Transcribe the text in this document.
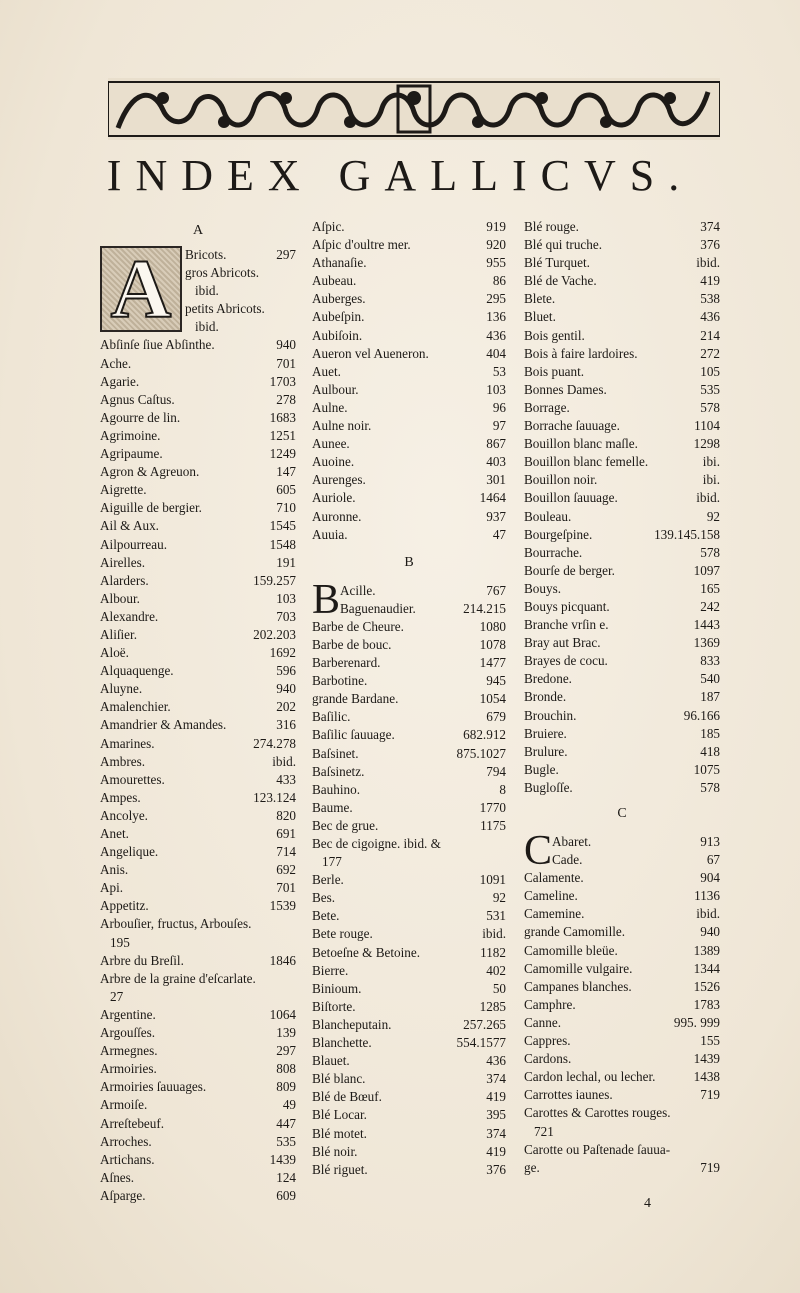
INDEX GALLICVS.
A
A	Bricots.	297
gros Abricots.
ibid.
petits Abricots.
ibid.
Abſinſe ſiue Abſinthe.	940
Ache.	701
Agarie.	1703
Agnus Caſtus.	278
Agourre de lin.	1683
Agrimoine.	1251
Agripaume.	1249
Agron & Agreuon.	147
Aigrette.	605
Aiguille de bergier.	710
Ail & Aux.	1545
Ailpourreau.	1548
Airelles.	191
Alarders.	159.257
Albour.	103
Alexandre.	703
Aliſier.	202.203
Aloë.	1692
Alquaquenge.	596
Aluyne.	940
Amalenchier.	202
Amandrier & Amandes.	316
Amarines.	274.278
Ambres.	ibid.
Amourettes.	433
Ampes.	123.124
Ancolye.	820
Anet.	691
Angelique.	714
Anis.	692
Api.	701
Appetitz.	1539
Arbouſier, fructus, Arbouſes.
195
Arbre du Breſil.	1846
Arbre de la graine d'eſcarlate.
27
Argentine.	1064
Argouſſes.	139
Armegnes.	297
Armoiries.	808
Armoiries ſauuages.	809
Armoiſe.	49
Arreſtebeuf.	447
Arroches.	535
Artichans.	1439
Aſnes.	124
Aſparge.	609
Aſpic.	919
Aſpic d'oultre mer.	920
Athanaſie.	955
Aubeau.	86
Auberges.	295
Aubeſpin.	136
Aubiſoin.	436
Aueron vel Aueneron.	404
Auet.	53
Aulbour.	103
Aulne.	96
Aulne noir.	97
Aunee.	867
Auoine.	403
Aurenges.	301
Auriole.	1464
Auronne.	937
Auuia.	47
B
B Acille.	767
Baguenaudier.	214.215
Barbe de Cheure.	1080
Barbe de bouc.	1078
Barberenard.	1477
Barbotine.	945
grande Bardane.	1054
Baſilic.	679
Baſilic ſauuage.	682.912
Baſsinet.	875.1027
Baſsinetz.	794
Bauhino.	8
Baume.	1770
Bec de grue.	1175
Bec de cigoigne. ibid. &
177
Berle.	1091
Bes.	92
Bete.	531
Bete rouge.	ibid.
Betoeſne & Betoine.	1182
Bierre.	402
Binioum.	50
Biſtorte.	1285
Blancheputain.	257.265
Blanchette.	554.1577
Blauet.	436
Blé blanc.	374
Blé de Bœuf.	419
Blé Locar.	395
Blé motet.	374
Blé noir.	419
Blé riguet.	376
Blé rouge.	374
Blé qui truche.	376
Blé Turquet.	ibid.
Blé de Vache.	419
Blete.	538
Bluet.	436
Bois gentil.	214
Bois à faire lardoires.	272
Bois puant.	105
Bonnes Dames.	535
Borrage.	578
Borrache ſauuage.	1104
Bouillon blanc maſle.	1298
Bouillon blanc femelle.	ibi.
Bouillon noir.	ibi.
Bouillon ſauuage.	ibid.
Bouleau.	92
Bourgeſpine.	139.145.158
Bourrache.	578
Bourſe de berger.	1097
Bouys.	165
Bouys picquant.	242
Branche vrſin e.	1443
Bray aut Brac.	1369
Brayes de cocu.	833
Bredone.	540
Bronde.	187
Brouchin.	96.166
Bruiere.	185
Brulure.	418
Bugle.	1075
Bugloſſe.	578
C
C Abaret.	913
Cade.	67
Calamente.	904
Cameline.	1136
Camemine.	ibid.
grande Camomille.	940
Camomille bleüe.	1389
Camomille vulgaire.	1344
Campanes blanches.	1526
Camphre.	1783
Canne.	995. 999
Cappres.	155
Cardons.	1439
Cardon lechal, ou lecher.	1438
Carrottes iaunes.	719
Carottes & Carottes rouges.
721
Carotte ou Paſtenade ſauua-
ge.	719
4
